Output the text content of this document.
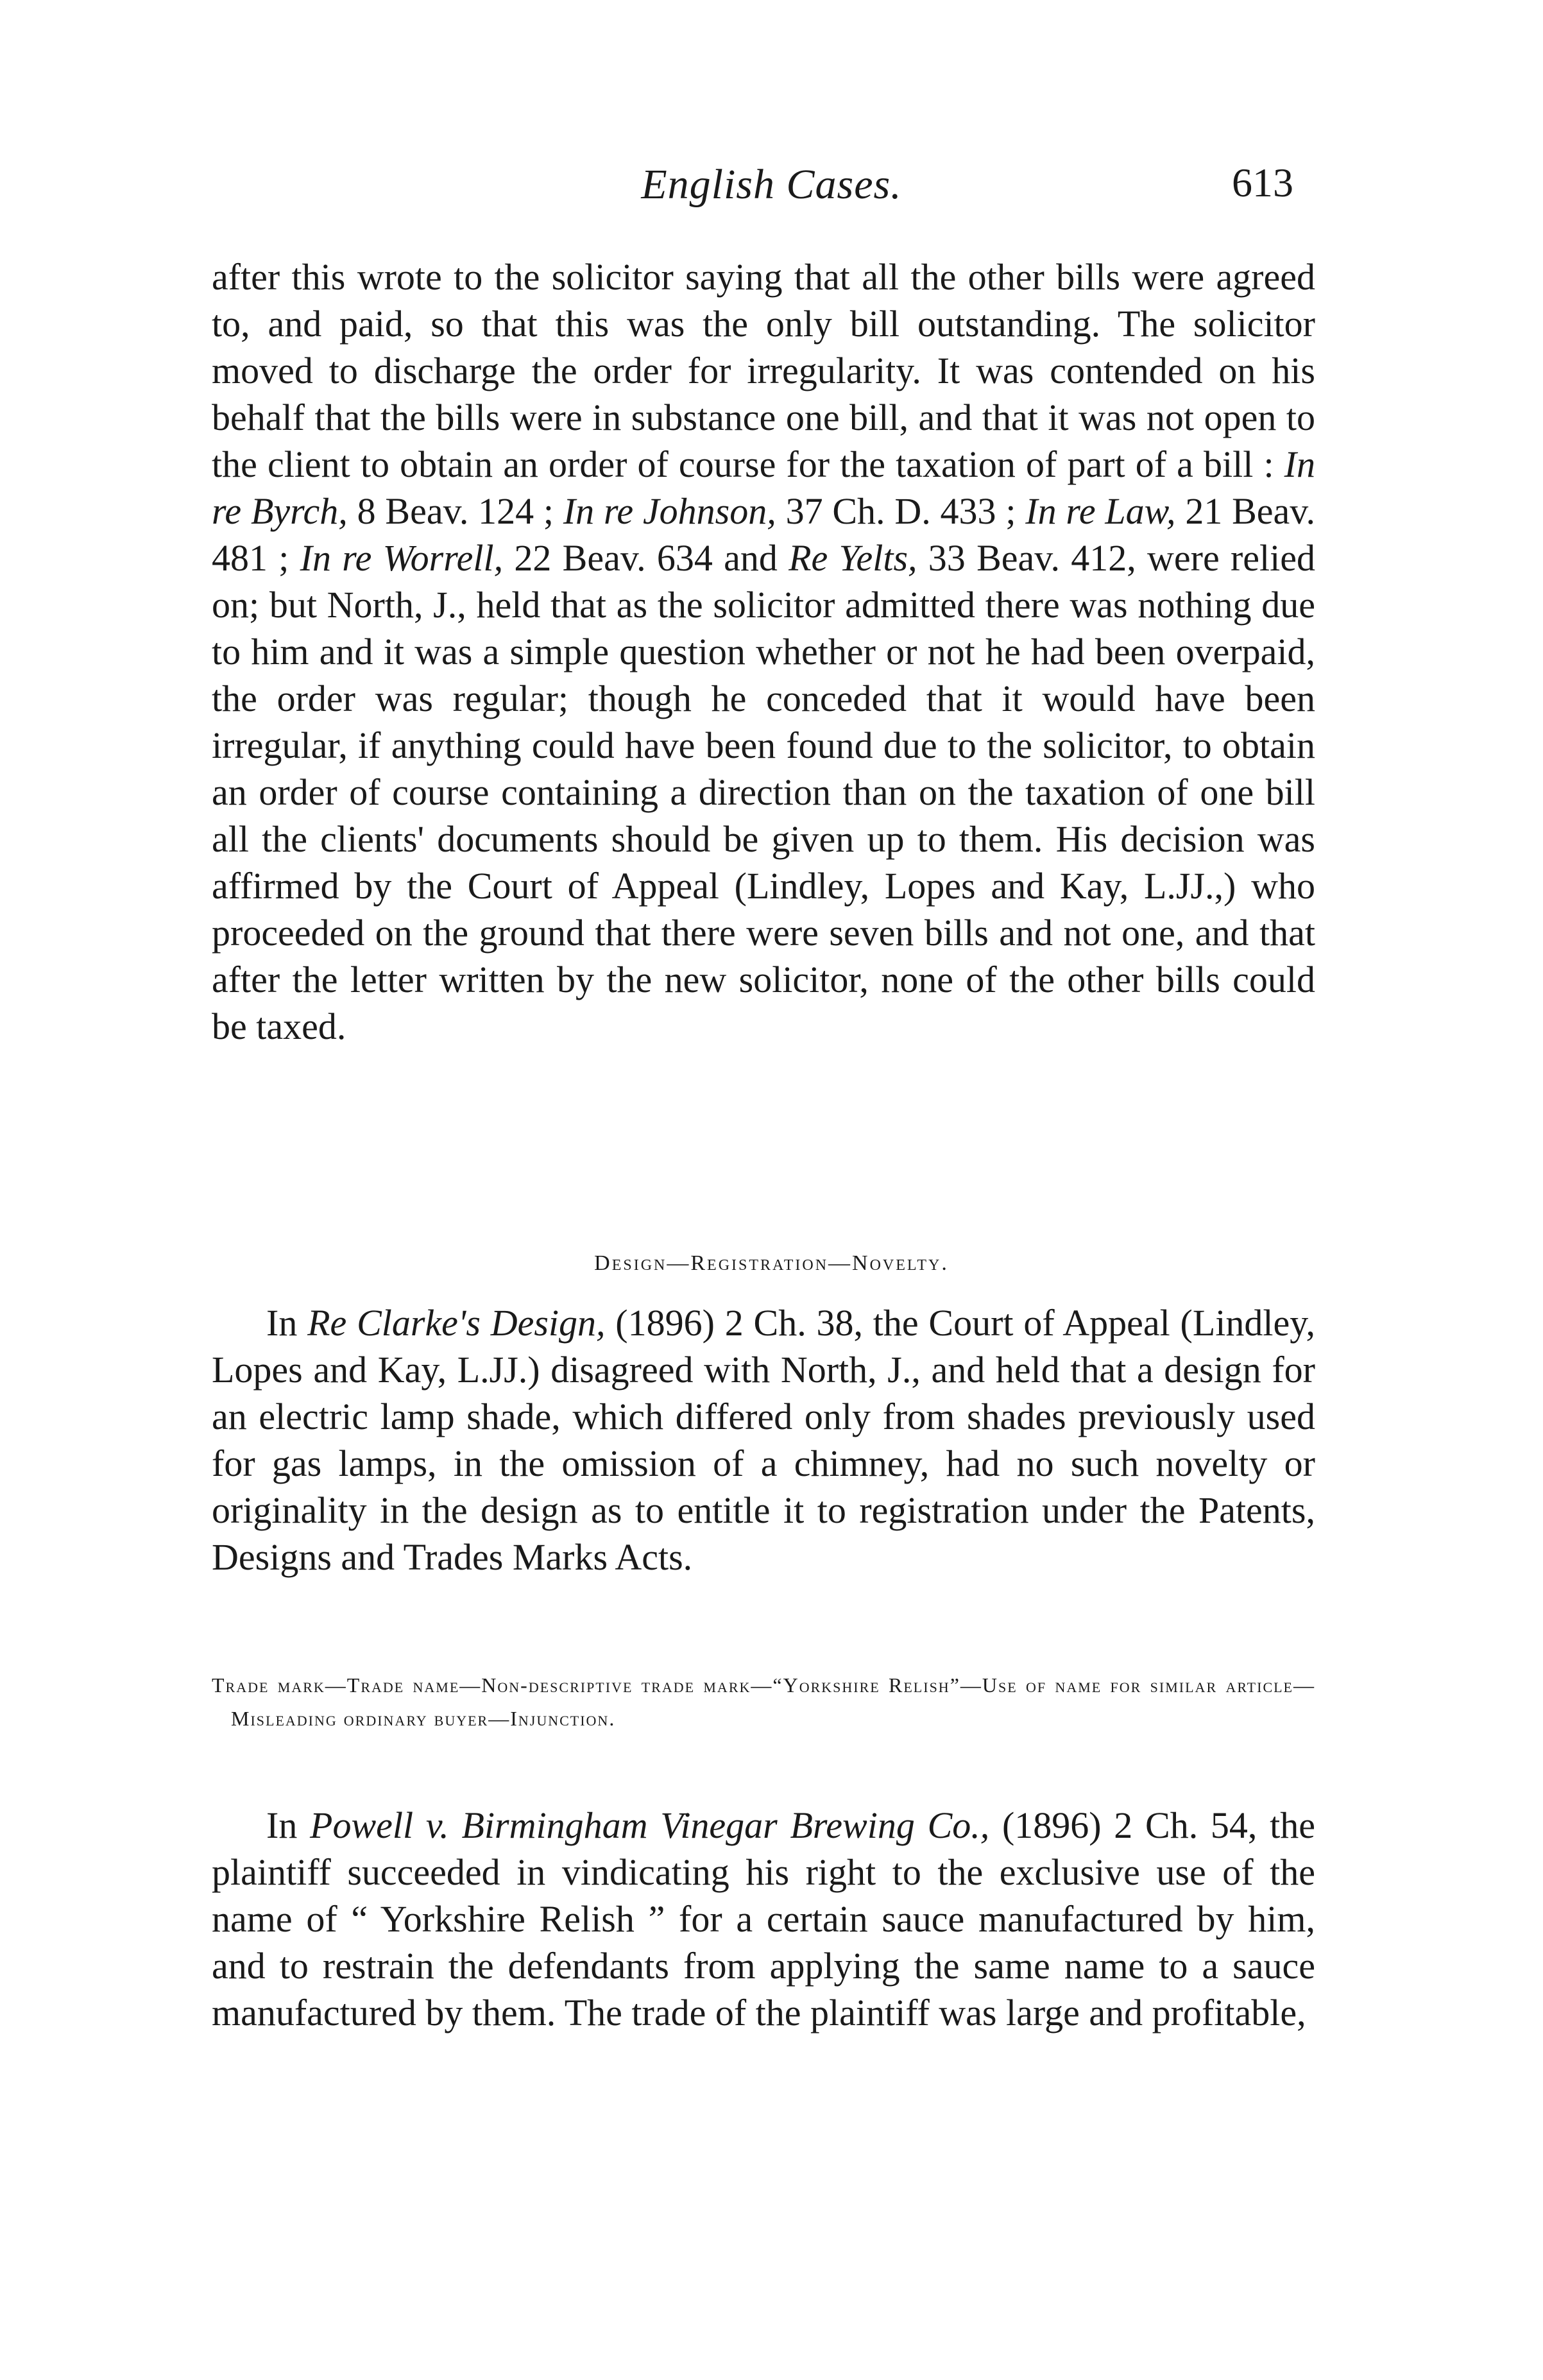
English Cases.	613
after this wrote to the solicitor saying that all the other bills were agreed to, and paid, so that this was the only bill outstanding. The solicitor moved to discharge the order for irregularity. It was contended on his behalf that the bills were in substance one bill, and that it was not open to the client to obtain an order of course for the taxation of part of a bill : In re Byrch, 8 Beav. 124 ; In re Johnson, 37 Ch. D. 433 ; In re Law, 21 Beav. 481 ; In re Worrell, 22 Beav. 634 and Re Yelts, 33 Beav. 412, were relied on; but North, J., held that as the solicitor admitted there was nothing due to him and it was a simple question whether or not he had been overpaid, the order was regular; though he conceded that it would have been irregular, if anything could have been found due to the solicitor, to obtain an order of course containing a direction than on the taxation of one bill all the clients' documents should be given up to them. His decision was affirmed by the Court of Appeal (Lindley, Lopes and Kay, L.JJ.,) who proceeded on the ground that there were seven bills and not one, and that after the letter written by the new solicitor, none of the other bills could be taxed.
Design—Registration—Novelty.
In Re Clarke's Design, (1896) 2 Ch. 38, the Court of Appeal (Lindley, Lopes and Kay, L.JJ.) disagreed with North, J., and held that a design for an electric lamp shade, which differed only from shades previously used for gas lamps, in the omission of a chimney, had no such novelty or originality in the design as to entitle it to registration under the Patents, Designs and Trades Marks Acts.
Trade mark—Trade name—Non-descriptive trade mark—“Yorkshire Relish”—Use of name for similar article—Misleading ordinary buyer—Injunction.
In Powell v. Birmingham Vinegar Brewing Co., (1896) 2 Ch. 54, the plaintiff succeeded in vindicating his right to the exclusive use of the name of “ Yorkshire Relish ” for a certain sauce manufactured by him, and to restrain the defendants from applying the same name to a sauce manufactured by them. The trade of the plaintiff was large and profitable,
